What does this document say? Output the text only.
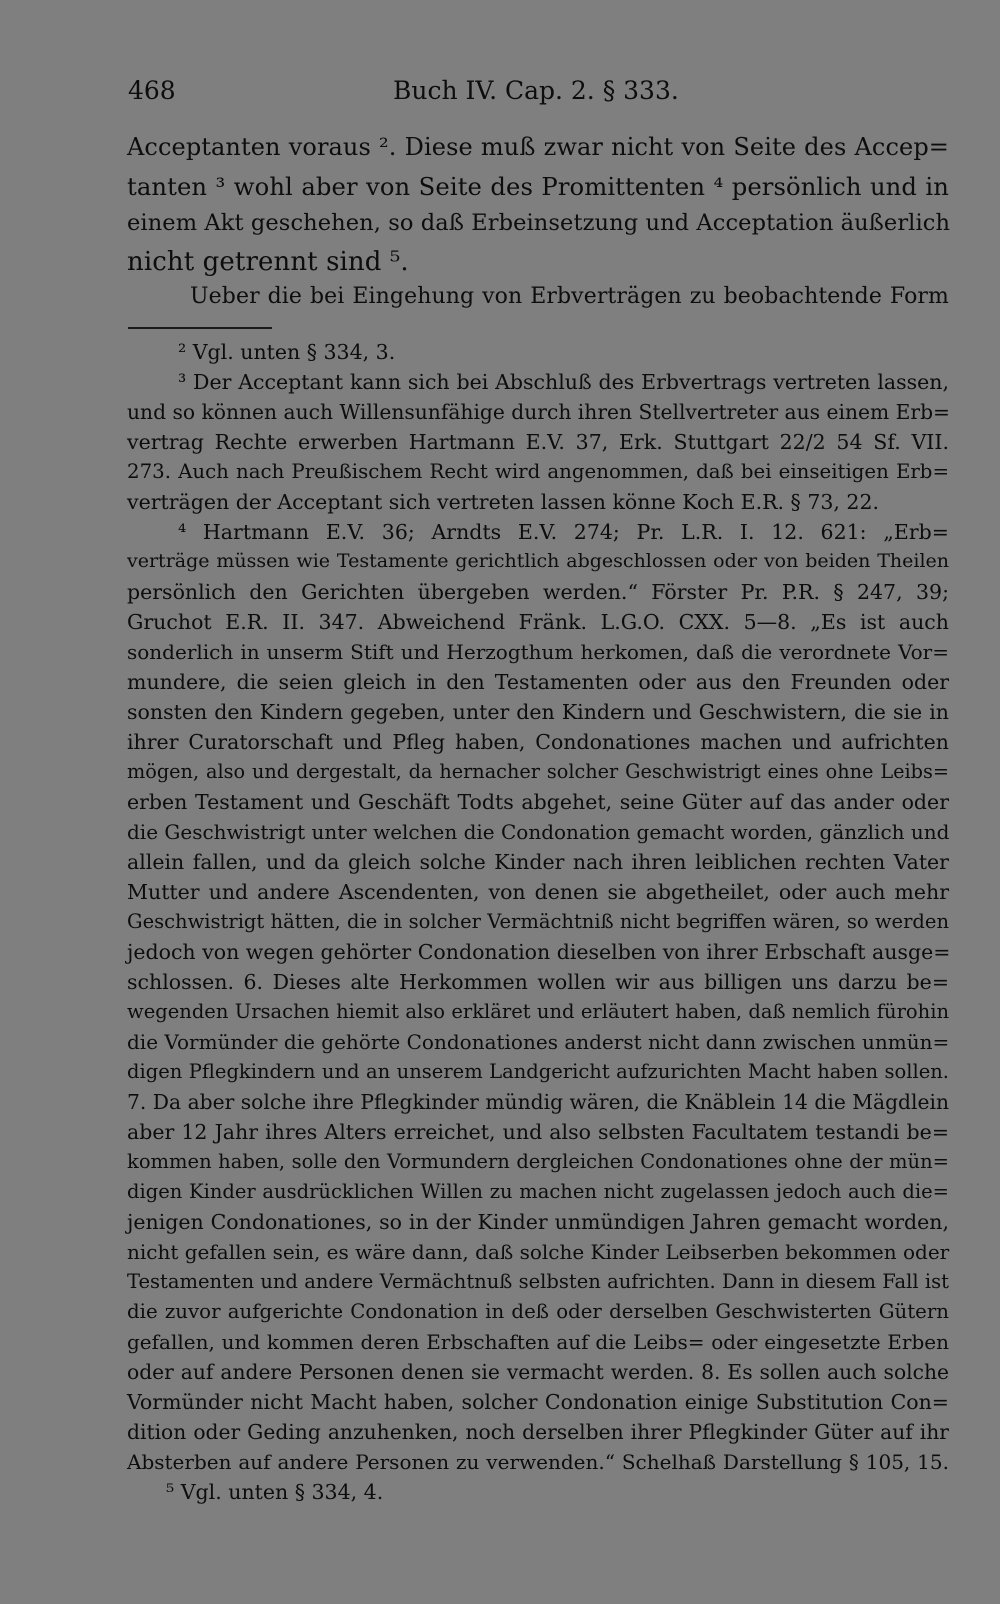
468	Buch IV. Cap. 2. § 333.
Acceptanten voraus ². Diese muß zwar nicht von Seite des Accep=
tanten ³ wohl aber von Seite des Promittenten ⁴ persönlich und in
einem Akt geschehen, so daß Erbeinsetzung und Acceptation äußerlich
nicht getrennt sind ⁵.
Ueber die bei Eingehung von Erbverträgen zu beobachtende Form
² Vgl. unten § 334, 3.
³ Der Acceptant kann sich bei Abschluß des Erbvertrags vertreten lassen,
und so können auch Willensunfähige durch ihren Stellvertreter aus einem Erb=
vertrag Rechte erwerben Hartmann E.V. 37, Erk. Stuttgart 22/2 54 Sf. VII.
273. Auch nach Preußischem Recht wird angenommen, daß bei einseitigen Erb=
verträgen der Acceptant sich vertreten lassen könne Koch E.R. § 73, 22.
⁴ Hartmann E.V. 36; Arndts E.V. 274; Pr. L.R. I. 12. 621: „Erb=
verträge müssen wie Testamente gerichtlich abgeschlossen oder von beiden Theilen
persönlich den Gerichten übergeben werden.“ Förster Pr. P.R. § 247, 39;
Gruchot E.R. II. 347. Abweichend Fränk. L.G.O. CXX. 5—8. „Es ist auch
sonderlich in unserm Stift und Herzogthum herkomen, daß die verordnete Vor=
mundere, die seien gleich in den Testamenten oder aus den Freunden oder
sonsten den Kindern gegeben, unter den Kindern und Geschwistern, die sie in
ihrer Curatorschaft und Pfleg haben, Condonationes machen und aufrichten
mögen, also und dergestalt, da hernacher solcher Geschwistrigt eines ohne Leibs=
erben Testament und Geschäft Todts abgehet, seine Güter auf das ander oder
die Geschwistrigt unter welchen die Condonation gemacht worden, gänzlich und
allein fallen, und da gleich solche Kinder nach ihren leiblichen rechten Vater
Mutter und andere Ascendenten, von denen sie abgetheilet, oder auch mehr
Geschwistrigt hätten, die in solcher Vermächtniß nicht begriffen wären, so werden
jedoch von wegen gehörter Condonation dieselben von ihrer Erbschaft ausge=
schlossen. 6. Dieses alte Herkommen wollen wir aus billigen uns darzu be=
wegenden Ursachen hiemit also erkläret und erläutert haben, daß nemlich fürohin
die Vormünder die gehörte Condonationes anderst nicht dann zwischen unmün=
digen Pflegkindern und an unserem Landgericht aufzurichten Macht haben sollen.
7. Da aber solche ihre Pflegkinder mündig wären, die Knäblein 14 die Mägdlein
aber 12 Jahr ihres Alters erreichet, und also selbsten Facultatem testandi be=
kommen haben, solle den Vormundern dergleichen Condonationes ohne der mün=
digen Kinder ausdrücklichen Willen zu machen nicht zugelassen jedoch auch die=
jenigen Condonationes, so in der Kinder unmündigen Jahren gemacht worden,
nicht gefallen sein, es wäre dann, daß solche Kinder Leibserben bekommen oder
Testamenten und andere Vermächtnuß selbsten aufrichten. Dann in diesem Fall ist
die zuvor aufgerichte Condonation in deß oder derselben Geschwisterten Gütern
gefallen, und kommen deren Erbschaften auf die Leibs= oder eingesetzte Erben
oder auf andere Personen denen sie vermacht werden. 8. Es sollen auch solche
Vormünder nicht Macht haben, solcher Condonation einige Substitution Con=
dition oder Geding anzuhenken, noch derselben ihrer Pflegkinder Güter auf ihr
Absterben auf andere Personen zu verwenden.“ Schelhaß Darstellung § 105, 15.
⁵ Vgl. unten § 334, 4.
